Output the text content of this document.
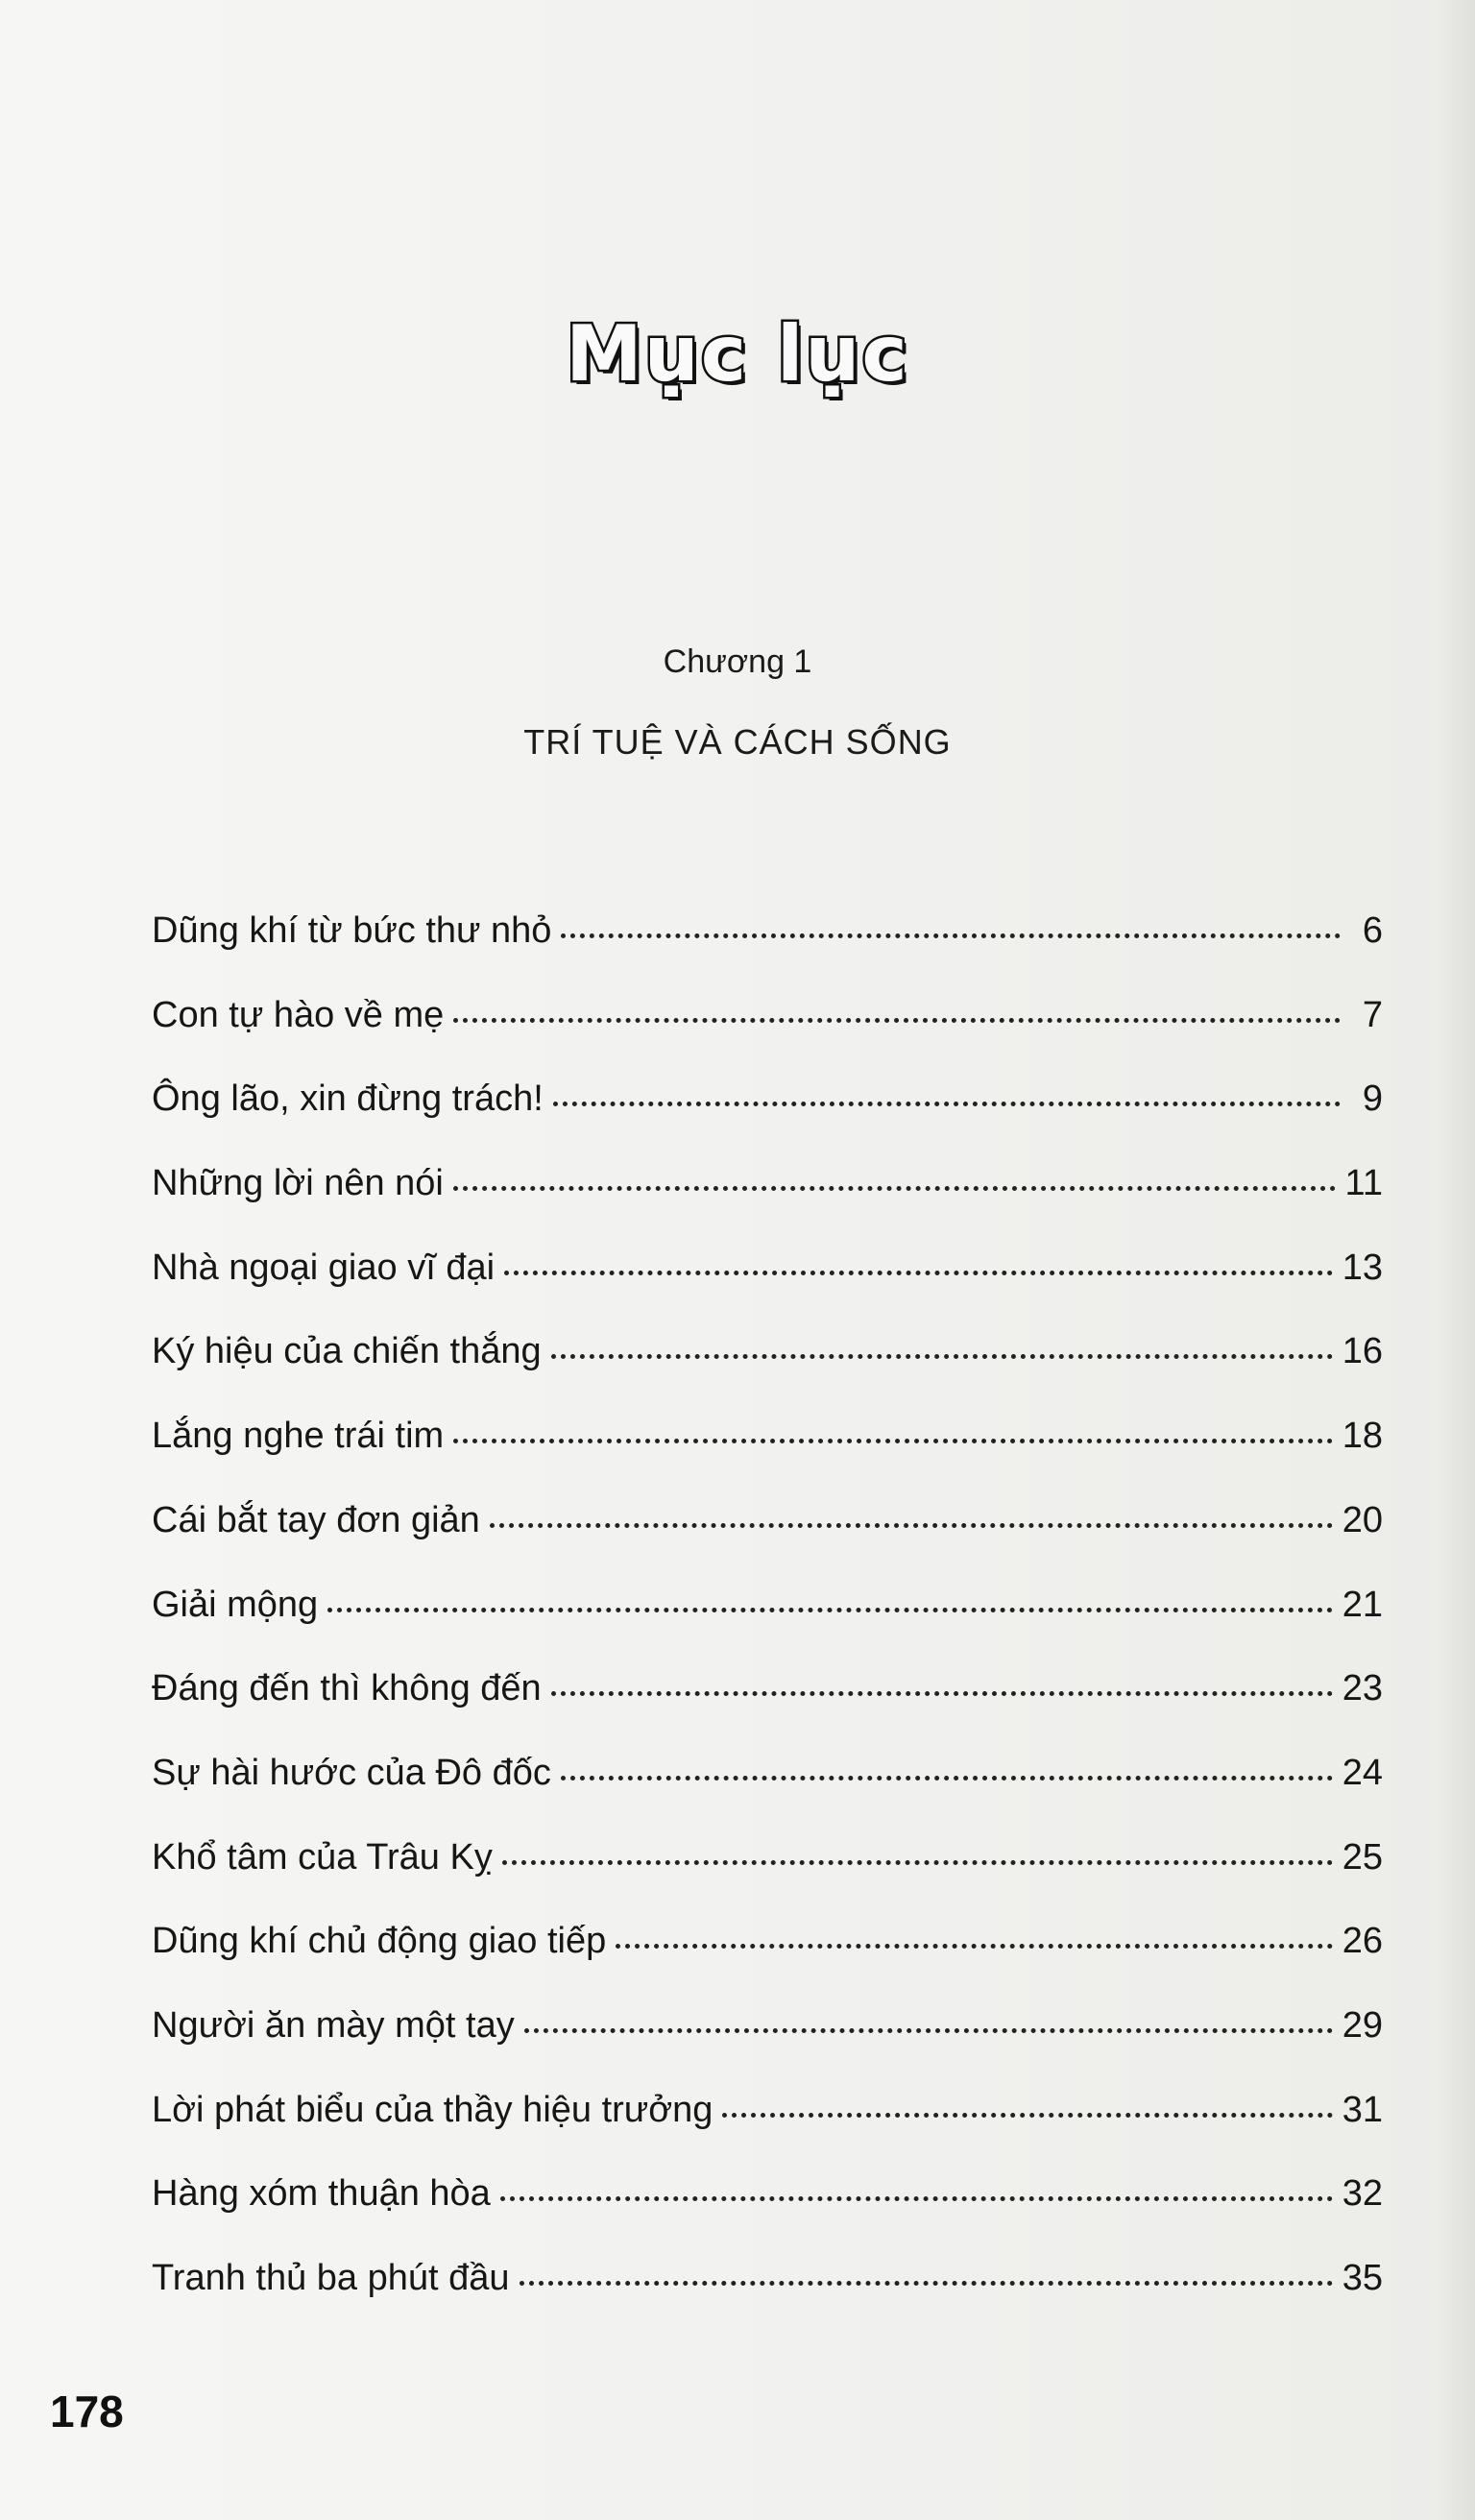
Mục lục
Chương 1
TRÍ TUỆ VÀ CÁCH SỐNG
Dũng khí từ bức thư nhỏ	6
Con tự hào về mẹ	7
Ông lão, xin đừng trách!	9
Những lời nên nói	11
Nhà ngoại giao vĩ đại	13
Ký hiệu của chiến thắng	16
Lắng nghe trái tim	18
Cái bắt tay đơn giản	20
Giải mộng	21
Đáng đến thì không đến	23
Sự hài hước của Đô đốc	24
Khổ tâm của Trâu Kỵ	25
Dũng khí chủ động giao tiếp	26
Người ăn mày một tay	29
Lời phát biểu của thầy hiệu trưởng	31
Hàng xóm thuận hòa	32
Tranh thủ ba phút đầu	35
178
